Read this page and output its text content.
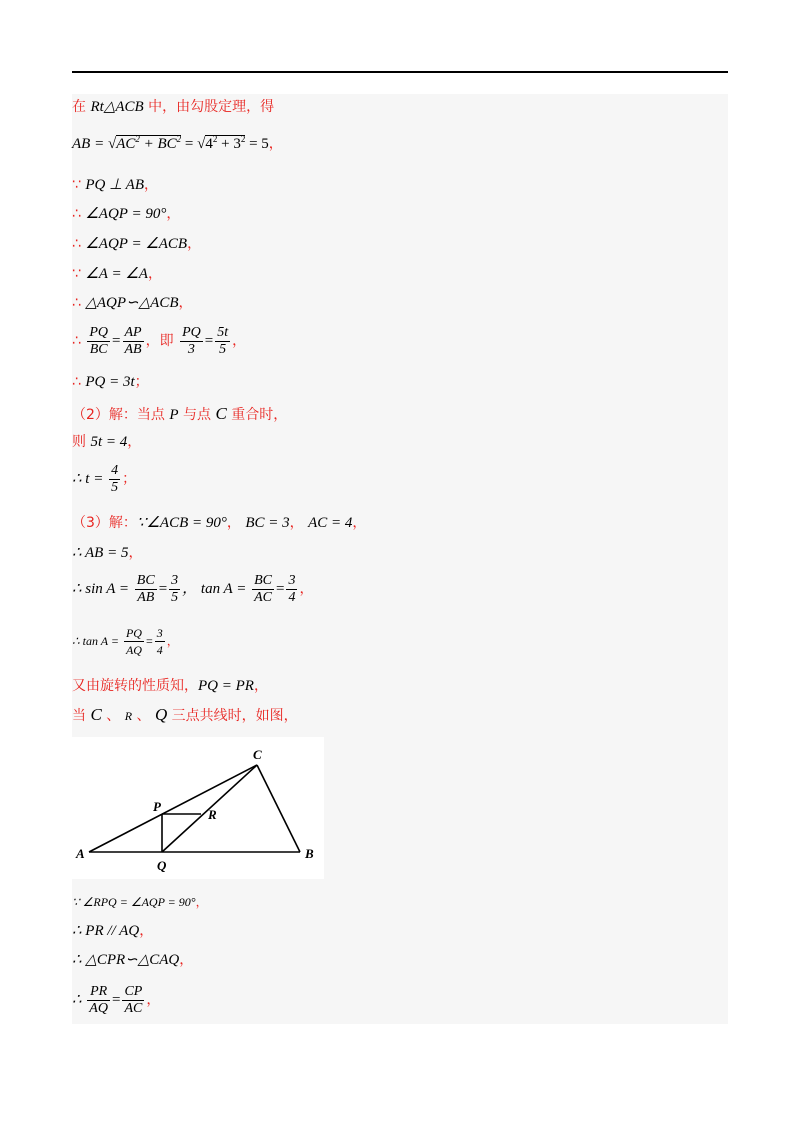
在 Rt△ACB 中，由勾股定理，得
AB = $√AC^2 + BC^2 = √4^2 + 3^2 = 5$，
∵ PQ ⊥ AB，
∴ ∠AQP = 90°，
∴ ∠AQP = ∠ACB，
∵ ∠A = ∠A，
∴ △AQP∽△ACB，
∴ $\frac{PQ}{BC} = \frac{AP}{AB}$ ，即 $\frac{PQ}{3} = \frac{5t}{5}$ ，
∴ PQ = 3t；
（2）解：当点 P 与点 C 重合时，
则 5t = 4，
∴ $t = \frac{4}{5}$ ；
（3）解：∵∠ACB = 90°， BC = 3， AC = 4，
∴ AB = 5，
∴ $\sin A = \frac{BC}{AB} = \frac{3}{5}$ ， $\tan A = \frac{BC}{AC} = \frac{3}{4}$ ，
∴ $\tan A = \frac{PQ}{AQ} = \frac{3}{4}$ ，
又由旋转的性质知，PQ = PR，
当 C 、 R 、 Q 三点共线时，如图，
A	B
C
P
Q
R
∵ ∠RPQ = ∠AQP = 90°，
∴ PR // AQ，
∴ △CPR∽△CAQ，
∴ $\frac{PR}{AQ} = \frac{CP}{AC}$ ，
